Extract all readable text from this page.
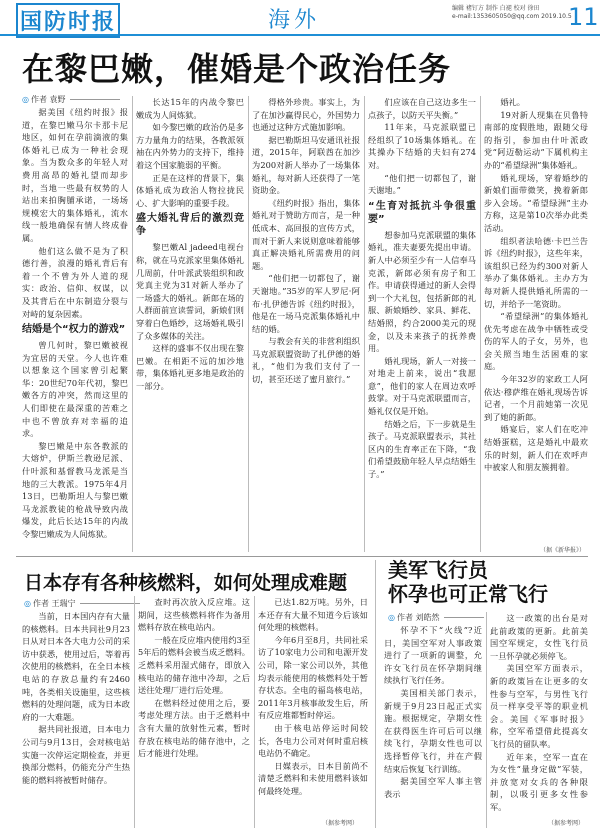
国防时报	海外	编辑 褚钉方 制作 白褪 校对 徐田
e-mail:1353605050@qq.com 2019.10.5
11
在黎巴嫩，催婚是个政治任务
◎ 作者 袁野

据美国《纽约时报》报道，在黎巴嫩马尔卡那卡尼地区，如何在孕前滴液的集体婚礼已成为一种社会现象。当为数众多的年轻人对费用高昂的婚礼望而却步时，当地一些最有权势的人站出来拍胸脯承诺，一场场规模宏大的集体婚礼，流水线一般地确保有情人终成眷属。

他们这么做不是为了积德行善，浪漫的婚礼背后有着一个不曾为外人道的现实：政治、信仰、权谋，以及其背后在中东制造分裂与对峙的复杂因素。

结婚是个“权力的游戏”

曾几何时，黎巴嫩被视为宜居的天堂。今人也许难以想象这个国家曾引起繁华：20世纪70年代初，黎巴嫩各方的冲突，然而这里的人们即使在最深重的苦难之中也不曾放弃对幸福的追求。

黎巴嫩是中东各教派的大熔炉，伊斯兰教逊尼派、什叶派和基督教马龙派是当地的三大教派。1975年4月13日，巴勒斯坦人与黎巴嫩马龙派教徒的枪战导致内战爆发，此后长达15年的内战令黎巴嫩成为人间炼狱。

长达15年的内战令黎巴嫩成为人间炼狱。

如今黎巴嫩的政治仍是多方力量角力的结果，各教派领袖在内外势力的支持下，维持着这个国家脆弱的平衡。

正是在这样的背景下，集体婚礼成为政治人物拉拢民心、扩大影响的重要手段。

盛大婚礼背后的激烈竞争

黎巴嫩Al jadeed电视台称，就在马克派家里集体婚礼几周前，什叶派武装组织和政党真主党为31对新人举办了一场盛大的婚礼。新郎在场的人群面前宣读誓词，新娘们则穿着白色婚纱，这场婚礼吸引了众多媒体的关注。

这样的盛事不仅出现在黎巴嫩。在相距不远的加沙地带，集体婚礼更多地是政治的一部分。

得格外珍贵。事实上，为了在加沙赢得民心，外国势力也通过这种方式施加影响。

据巴勒斯坦马安通讯社报道，2015年，阿联酋在加沙为200对新人举办了一场集体婚礼，每对新人还获得了一笔资助金。

《纽约时报》指出，集体婚礼对于赞助方而言，是一种低成本、高回报的宣传方式，而对于新人来说则意味着能够真正解决婚礼所需费用的问题。

“他们把一切都包了，谢天谢地。”35岁的军人罗尼·阿布·扎伊德告诉《纽约时报》，他是在一场马克派集体婚礼中结的婚。

与教会有关的非营利组织马克派联盟资助了扎伊德的婚礼，“他们为我们支付了一切，甚至还送了蜜月旅行。”

们应该在自己这边多生一点孩子，以防天平失衡。”

11年来，马克派联盟已经组织了10场集体婚礼。在其操办下结婚的夫妇有274对。

“他们把一切都包了，谢天谢地。”

“生育对抵抗斗争很重要”

想参加马克派联盟的集体婚礼，准夫妻要先提出申请。新人中必须至少有一人信奉马克派，新郎必须有房子和工作。申请获得通过的新人会得到一个大礼包，包括新郎的礼服、新娘婚纱、家具、鲜花、结婚照，约合2000美元的现金，以及未来孩子的抚养费用。

婚礼现场，新人一对接一对地走上前来，说出“我愿意”，他们的家人在周边欢呼鼓掌。对于马克派联盟而言，婚礼仅仅是开始。

结婚之后，下一步就是生孩子。马克派联盟表示，其社区内的生育率正在下降，“我们希望鼓励年轻人早点结婚生子。”

婚礼。

19对新人现集在贝鲁特南部的度假胜地，跟随父母的指引，参加由什叶派政党“阿迈勒运动”下属机构主办的“希望绿洲”集体婚礼。

婚礼现场，穿着婚纱的新娘们面带微笑，挽着新郎步入会场。“希望绿洲”主办方称，这是第10次举办此类活动。

组织者法哈德·卡巴兰告诉《纽约时报》，这些年来，该组织已经为约300对新人举办了集体婚礼。主办方为每对新人提供婚礼所需的一切，并给予一笔资助。

“希望绿洲”的集体婚礼优先考虑在战争中牺牲或受伤的军人的子女，另外，也会关照当地生活困难的家庭。

今年32岁的家政工人阿依达·穆萨维在婚礼现场告诉记者，一个月前她第一次见到了她的新郎。

婚宴后，家人们在吃冲结婚蛋糕，这是婚礼中最欢乐的时刻，新人们在欢呼声中被家人和朋友簇拥着。

（据《新华报》）
日本存有各种核燃料，如何处理成难题
◎ 作者 王瑞宁

当前，日本国内存有大量的核燃料。日本共同社9月23日从对日本各大电力公司的采访中获悉，使用过后，等着再次使用的核燃料，在全日本核电站的存放总量约有2460吨，各类相关设施里，这些核燃料的处理问题，成为日本政府的一大难题。

据共同社报道，日本电力公司与9月13日，会对核电站实施一次停运定期检查，并更换部分燃料，仍能充分产生热能的燃料将被暂时储存。

查时再次放入反应堆。这期间，这些核燃料将作为备用燃料存放在核电站内。

一般在反应堆内使用约3至5年后的燃料会被当成乏燃料。乏燃料采用湿式储存，即放入核电站的储存池中冷却，之后送往处理厂进行后处理。

在燃料经过使用之后，要考虑处理方法。由于乏燃料中含有大量的放射性元素，暂时存放在核电站的储存池中，之后才能进行处理。

已达1.82万吨。另外，日本还存有大量不知道今后该如何处理的核燃料。

今年6月至8月，共同社采访了10家电力公司和电源开发公司，除一家公司以外，其他均表示能使用的核燃料处于暂存状态。全电的福岛核电站，2011年3月核事故发生后，所有反应堆都暂时停运。

由于核电站停运时间较长，各电力公司对何时重启核电站仍不确定。

日媒表示，日本目前尚不清楚乏燃料和未使用燃料该如何最终处理。

（据参考网）
美军飞行员
怀孕也可正常飞行
◎ 作者 刘皓然

怀孕不下“火线”?近日，美国空军对人事政策进行了一项新的调整，允许女飞行员在怀孕期间继续执行飞行任务。

美国相关部门表示，新规于9月23日起正式实施。根据规定，孕期女性在获得医生许可后可以继续飞行，孕期女性也可以选择暂停飞行，并在产假结束后恢复飞行训练。

据美国空军人事主管表示

这一政策的出台是对此前政策的更新。此前美国空军规定，女性飞行员一旦怀孕就必须停飞。

美国空军方面表示，新的政策旨在让更多的女性参与空军，与男性飞行员一样享受平等的职业机会。美国《军事时报》称，空军希望借此提高女飞行员的留队率。

近年来，空军一直在为女性“量身定做”军装，并放宽对女兵的各种限制，以吸引更多女性参军。

（据参考网）
